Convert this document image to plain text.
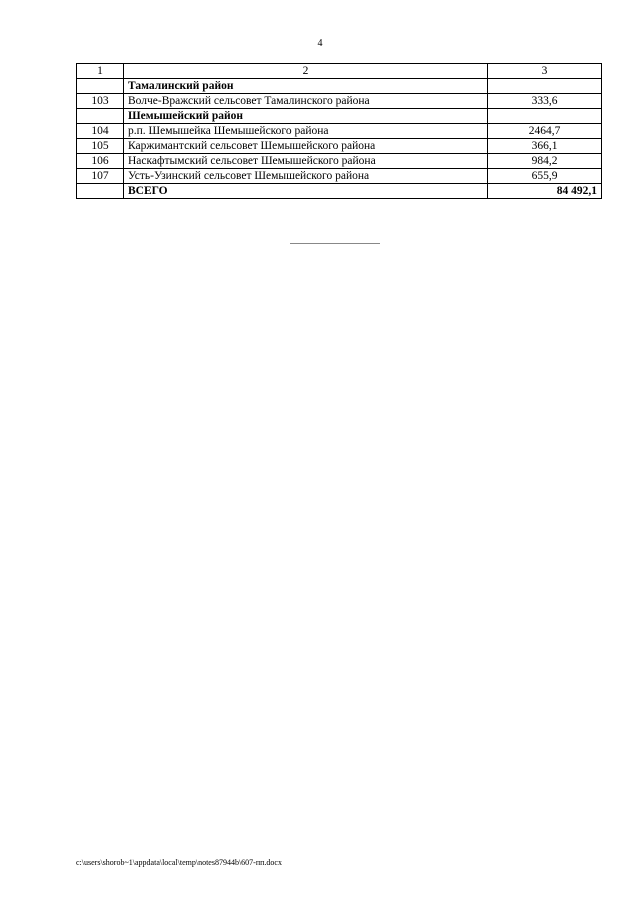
4
1	2	3
	Тамалинский район	
103	Волче-Вражский сельсовет Тамалинского района	333,6
	Шемышейский район	
104	р.п. Шемышейка Шемышейского района	2464,7
105	Каржимантский сельсовет Шемышейского района	366,1
106	Наскафтымский сельсовет Шемышейского района	984,2
107	Усть-Узинский сельсовет Шемышейского района	655,9
	ВСЕГО	84 492,1
c:\users\shorob~1\appdata\local\temp\notes87944b\607-пп.docx
